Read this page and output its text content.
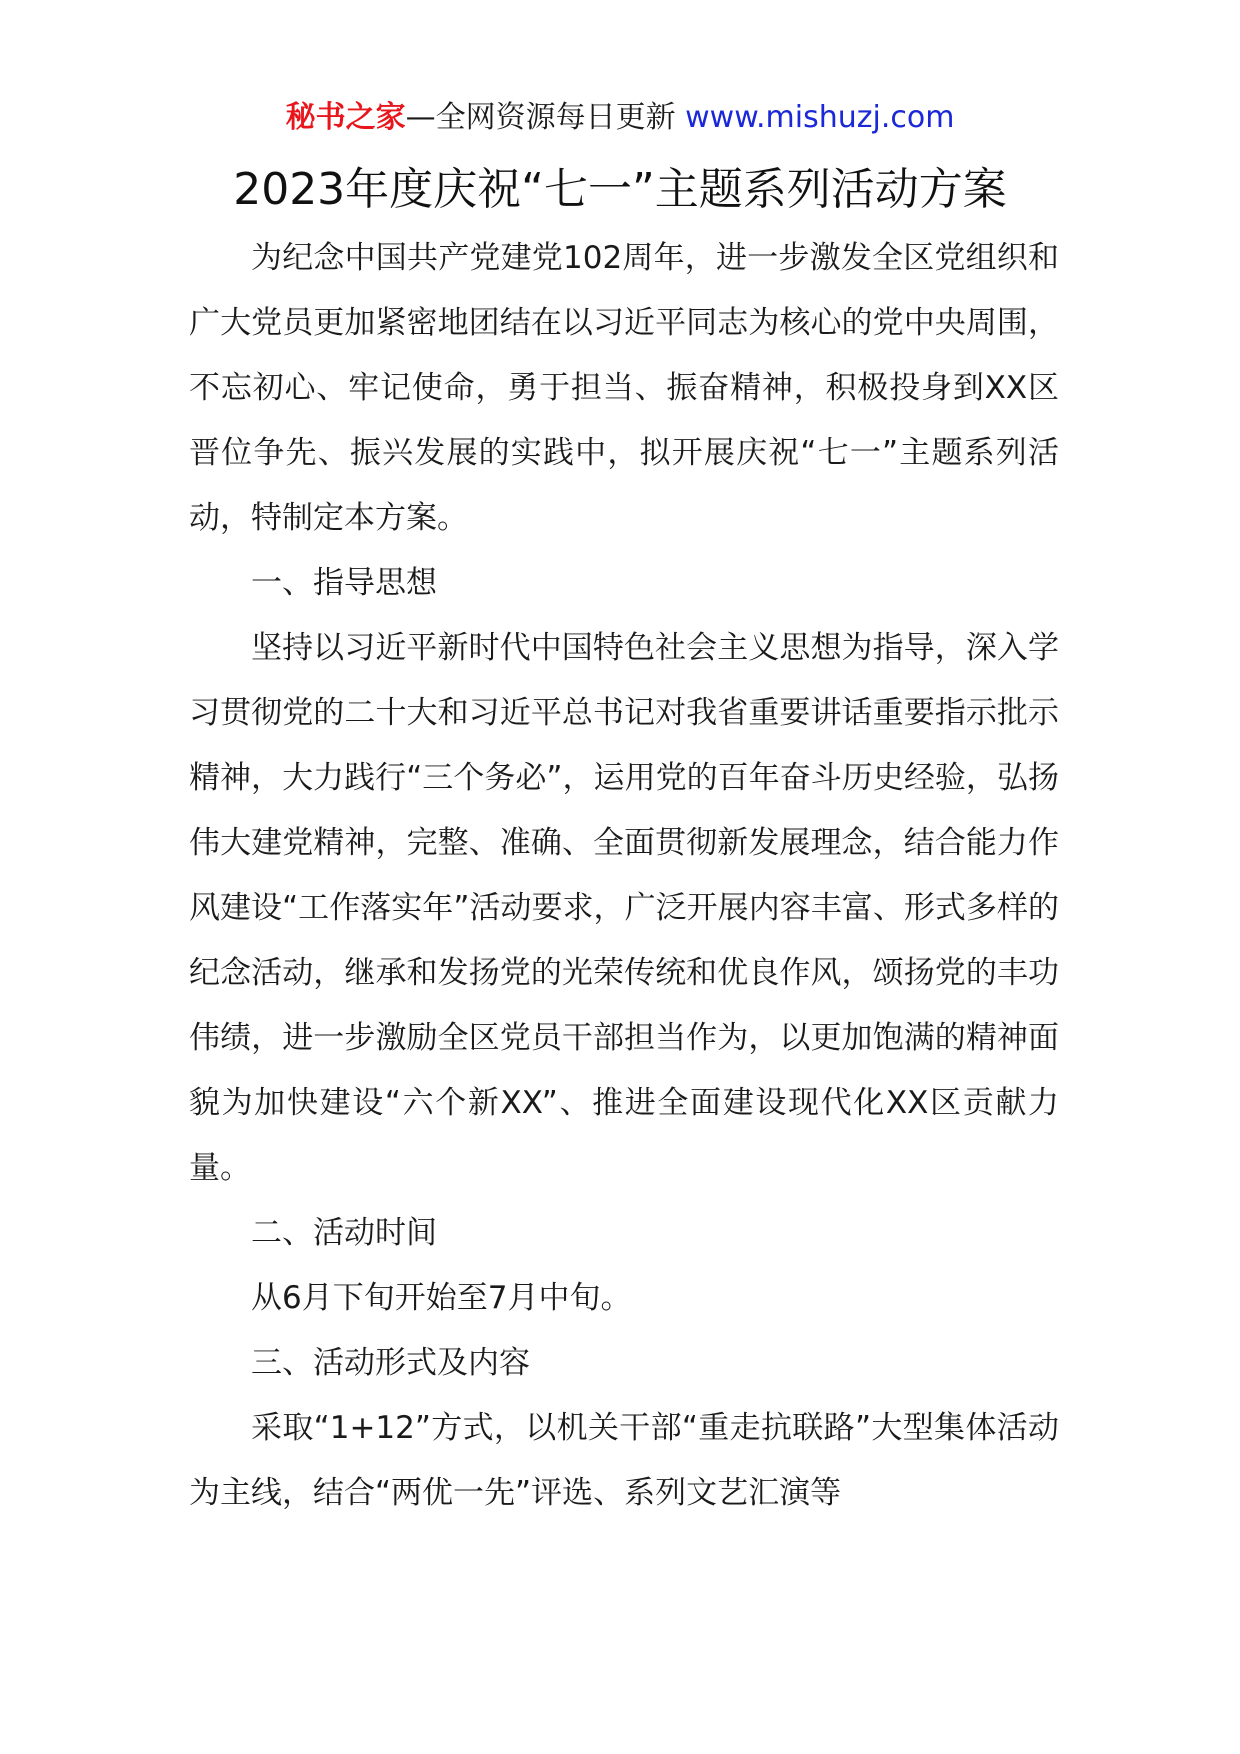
秘书之家—全网资源每日更新 www.mishuzj.com
2023年度庆祝“七一”主题系列活动方案

为纪念中国共产党建党102周年，进一步激发全区党组织和广大党员更加紧密地团结在以习近平同志为核心的党中央周围，不忘初心、牢记使命，勇于担当、振奋精神，积极投身到XX区晋位争先、振兴发展的实践中，拟开展庆祝“七一”主题系列活动，特制定本方案。

一、指导思想

坚持以习近平新时代中国特色社会主义思想为指导，深入学习贯彻党的二十大和习近平总书记对我省重要讲话重要指示批示精神，大力践行“三个务必”，运用党的百年奋斗历史经验，弘扬伟大建党精神，完整、准确、全面贯彻新发展理念，结合能力作风建设“工作落实年”活动要求，广泛开展内容丰富、形式多样的纪念活动，继承和发扬党的光荣传统和优良作风，颂扬党的丰功伟绩，进一步激励全区党员干部担当作为，以更加饱满的精神面貌为加快建设“六个新XX”、推进全面建设现代化XX区贡献力量。

二、活动时间

从6月下旬开始至7月中旬。

三、活动形式及内容

采取“1+12”方式，以机关干部“重走抗联路”大型集体活动为主线，结合“两优一先”评选、系列文艺汇演等
